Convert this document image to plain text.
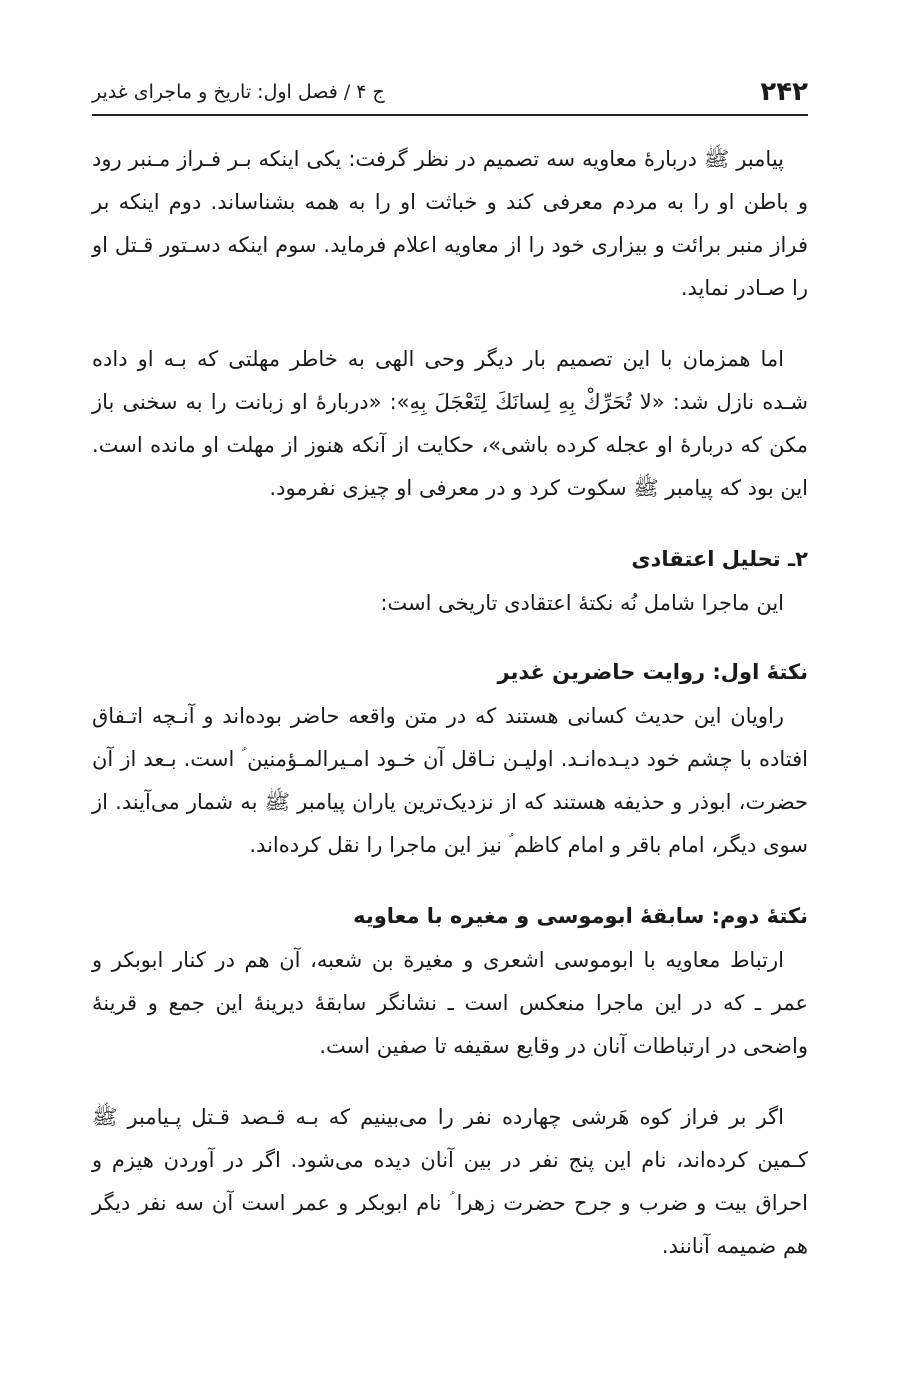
۲۴۲
ج ۴ / فصل اول: تاریخ و ماجرای غدیر

پیامبر ﷺ دربارهٔ معاویه سه تصمیم در نظر گرفت: یکی اینکه بـر فـراز مـنبر رود و باطن او را به مردم معرفی کند و خباثت او را به همه بشناساند. دوم اینکه بر فراز منبر برائت و بیزاری خود را از معاویه اعلام فرماید. سوم اینکه دسـتور قـتل او را صـادر نماید.

اما همزمان با این تصمیم بار دیگر وحی الهی به خاطر مهلتی که بـه او داده شـده نازل شد: «لا تُحَرِّكْ بِهِ لِسانَكَ لِتَعْجَلَ بِهِ»: «دربارهٔ او زبانت را به سخنی باز مکن که دربارهٔ او عجله کرده باشی»، حکایت از آنکه هنوز از مهلت او مانده است. این بود که پیامبر ﷺ سکوت کرد و در معرفی او چیزی نفرمود.

۲ـ تحلیل اعتقادی

این ماجرا شامل نُه نکتهٔ اعتقادی تاریخی است:

نکتهٔ اول: روایت حاضرین غدیر

راویان این حدیث کسانی هستند که در متن واقعه حاضر بوده‌اند و آنـچه اتـفاق افتاده با چشم خود دیـده‌انـد. اولیـن نـاقل آن خـود امـیرالمـؤمنین ؑ است. بـعد از آن حضرت، ابوذر و حذیفه هستند که از نزدیک‌ترین یاران پیامبر ﷺ به شمار می‌آیند. از سوی دیگر، امام باقر و امام کاظم ؑ نیز این ماجرا را نقل کرده‌اند.

نکتهٔ دوم: سابقهٔ ابوموسی و مغیره با معاویه

ارتباط معاویه با ابوموسی اشعری و مغیرة بن شعبه، آن هم در کنار ابوبکر و عمر ـ که در این ماجرا منعکس است ـ نشانگر سابقهٔ دیرینهٔ این جمع و قرینهٔ واضحی در ارتباطات آنان در وقایع سقیفه تا صفین است.

اگر بر فراز کوه هَرشی چهارده نفر را می‌بینیم که بـه قـصد قـتل پـیامبر ﷺ کـمین کرده‌اند، نام این پنج نفر در بین آنان دیده می‌شود. اگر در آوردن هیزم و احراق بیت و ضرب و جرح حضرت زهرا ؑ نام ابوبکر و عمر است آن سه نفر دیگر هم ضمیمه آنانند.
